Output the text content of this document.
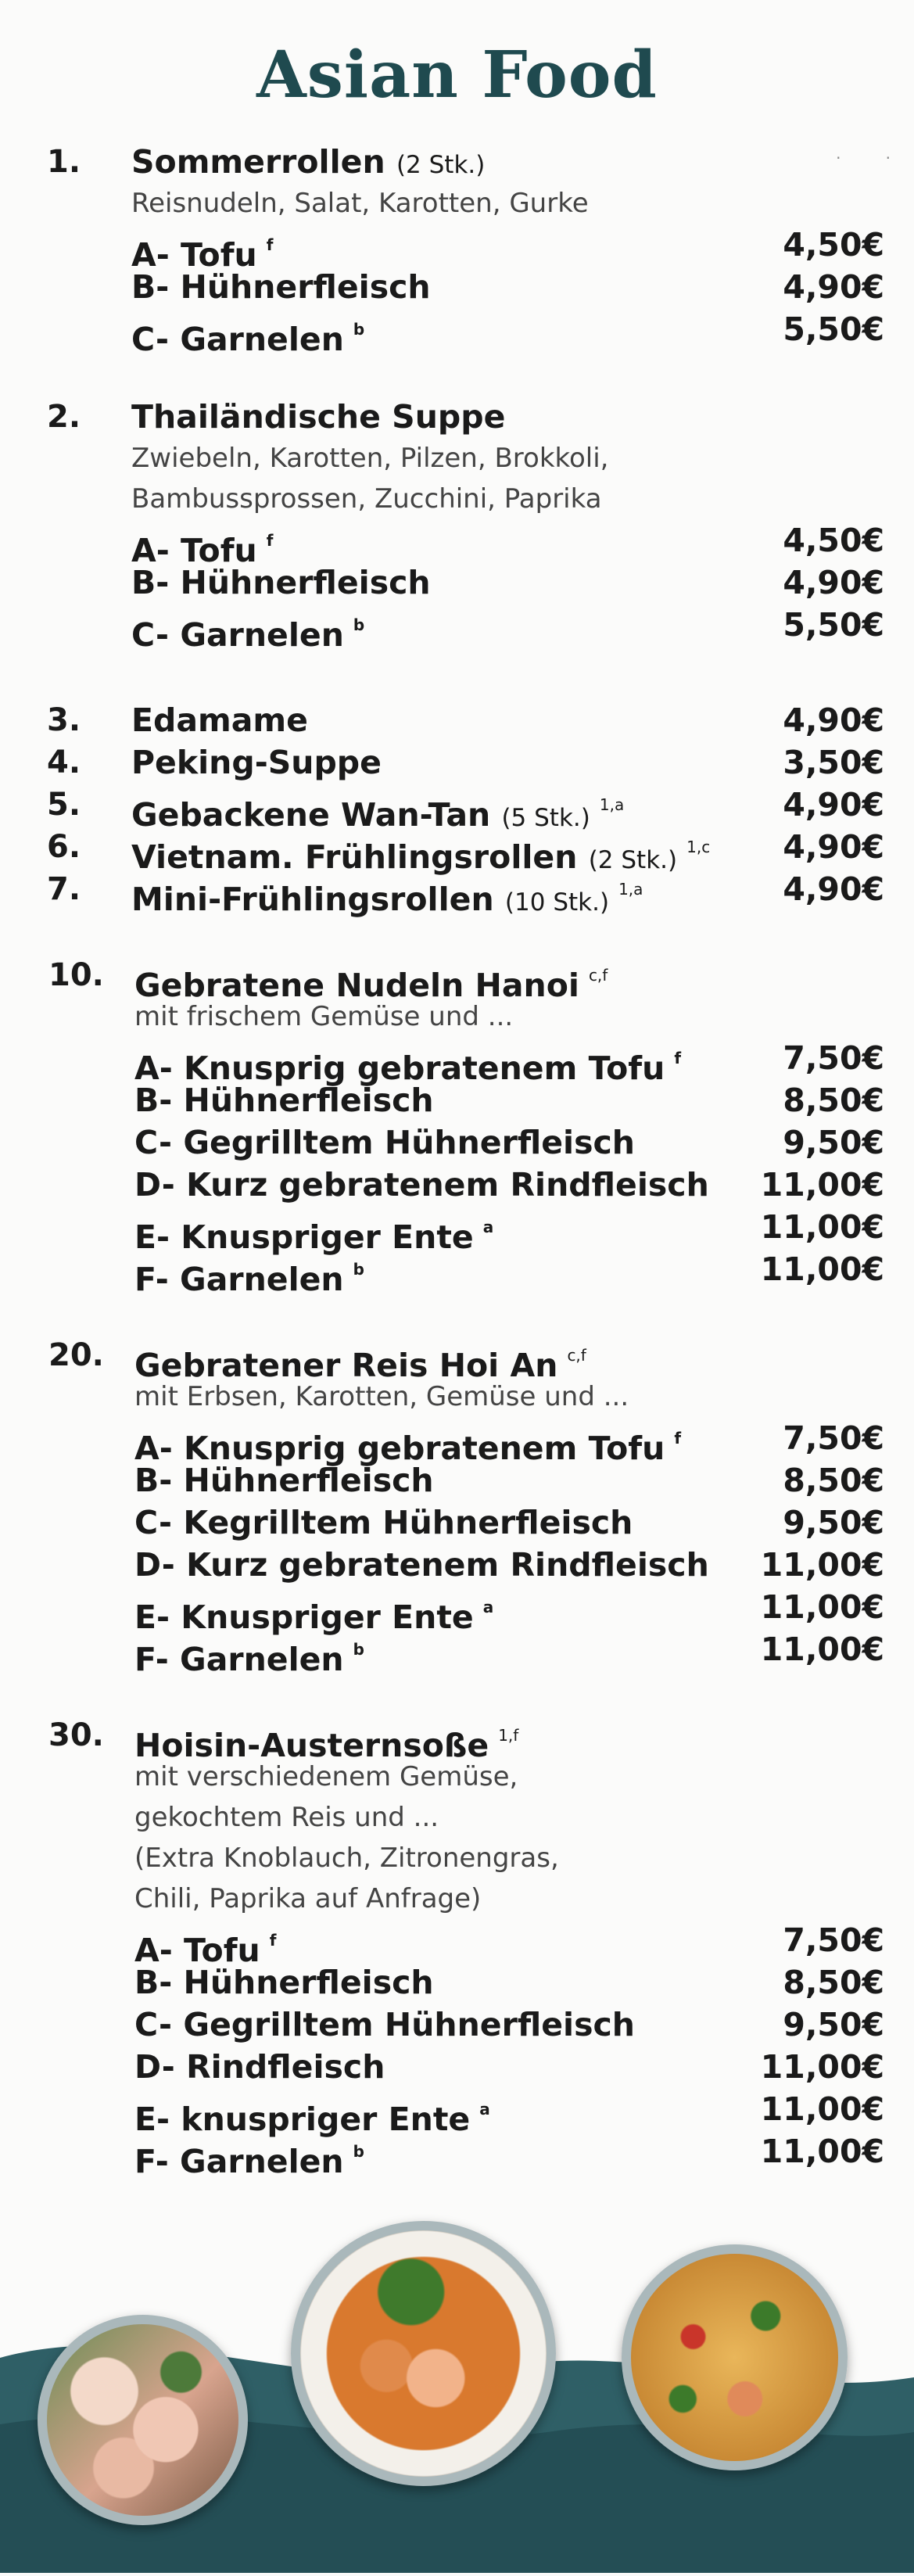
Asian Food
1. Sommerrollen (2 Stk.)
Reisnudeln, Salat, Karotten, Gurke
A- Tofu $^f$	4,50€
B- Hühnerfleisch	4,90€
C- Garnelen $^b$	5,50€
2. Thailändische Suppe
Zwiebeln, Karotten, Pilzen, Brokkoli,
Bambussprossen, Zucchini, Paprika
A- Tofu $^f$	4,50€
B- Hühnerfleisch	4,90€
C- Garnelen $^b$	5,50€
3. Edamame	4,90€
4. Peking-Suppe	3,50€
5. Gebackene Wan-Tan (5 Stk.) $^{1,a}$	4,90€
6. Vietnam. Frühlingsrollen (2 Stk.) $^{1,c}$ 4,90€
7. Mini-Frühlingsrollen (10 Stk.) $^{1,a}$	4,90€
10. Gebratene Nudeln Hanoi $^{c,f}$
mit frischem Gemüse und ...
A- Knusprig gebratenem Tofu $^f$	7,50€
B- Hühnerfleisch	8,50€
C- Gegrilltem Hühnerfleisch	9,50€
D- Kurz gebratenem Rindfleisch 11,00€
E- Knuspriger Ente $^a$	11,00€
F- Garnelen $^b$	11,00€
20. Gebratener Reis Hoi An $^{c,f}$
mit Erbsen, Karotten, Gemüse und ...
A- Knusprig gebratenem Tofu $^f$	7,50€
B- Hühnerfleisch	8,50€
C- Kegrilltem Hühnerfleisch	9,50€
D- Kurz gebratenem Rindfleisch 11,00€
E- Knuspriger Ente $^a$	11,00€
F- Garnelen $^b$	11,00€
30. Hoisin-Austernsoße $^{1,f}$
mit verschiedenem Gemüse,
gekochtem Reis und ...
(Extra Knoblauch, Zitronengras,
Chili, Paprika auf Anfrage)
A- Tofu $^f$	7,50€
B- Hühnerfleisch	8,50€
C- Gegrilltem Hühnerfleisch	9,50€
D- Rindfleisch	11,00€
E- knuspriger Ente $^a$	11,00€
F- Garnelen $^b$	11,00€
·         ·
